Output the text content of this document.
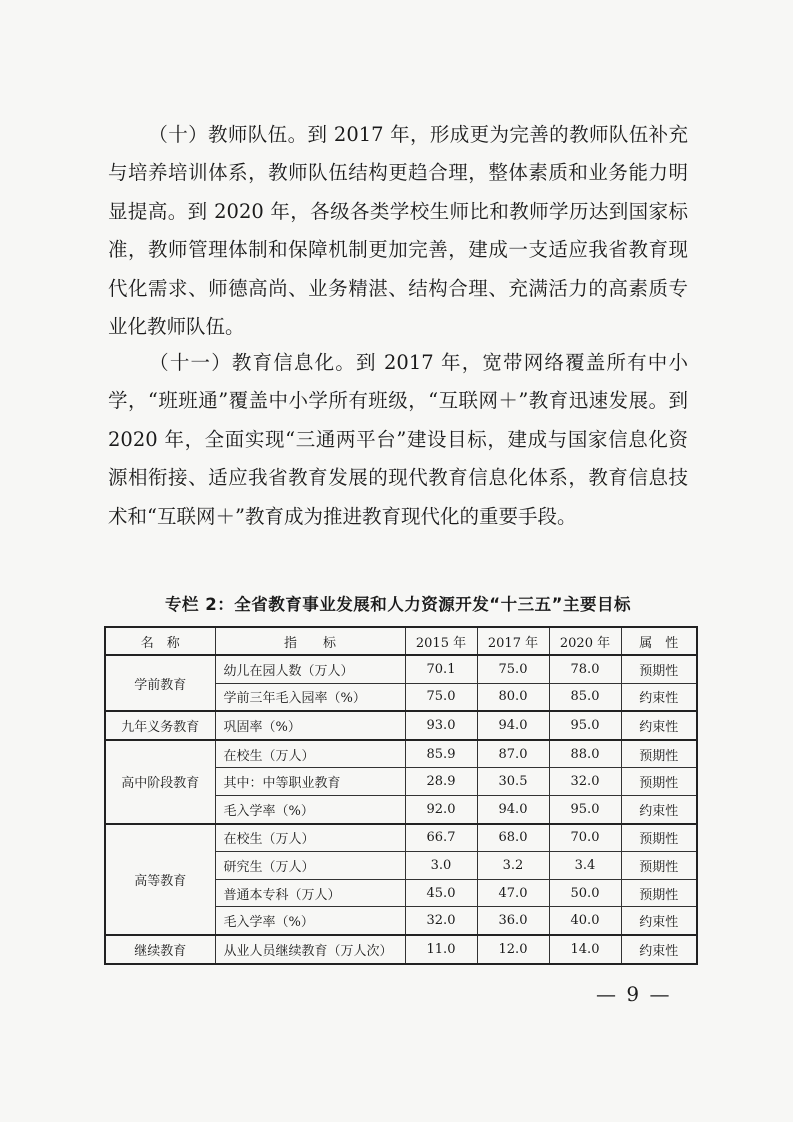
（十）教师队伍。到 2017 年，形成更为完善的教师队伍补充与培养培训体系，教师队伍结构更趋合理，整体素质和业务能力明显提高。到 2020 年，各级各类学校生师比和教师学历达到国家标准，教师管理体制和保障机制更加完善，建成一支适应我省教育现代化需求、师德高尚、业务精湛、结构合理、充满活力的高素质专业化教师队伍。

（十一）教育信息化。到 2017 年，宽带网络覆盖所有中小学，“班班通”覆盖中小学所有班级，“互联网＋”教育迅速发展。到 2020 年，全面实现“三通两平台”建设目标，建成与国家信息化资源相衔接、适应我省教育发展的现代教育信息化体系，教育信息技术和“互联网＋”教育成为推进教育现代化的重要手段。

专栏 2：全省教育事业发展和人力资源开发“十三五”主要目标
名　称	指　　标	2015 年	2017 年	2020 年	属　性
学前教育	幼儿在园人数（万人）	70.1	75.0	78.0	预期性
	学前三年毛入园率（%）	75.0	80.0	85.0	约束性
九年义务教育	巩固率（%）	93.0	94.0	95.0	约束性
高中阶段教育	在校生（万人）	85.9	87.0	88.0	预期性
	其中：中等职业教育	28.9	30.5	32.0	预期性
	毛入学率（%）	92.0	94.0	95.0	约束性
高等教育	在校生（万人）	66.7	68.0	70.0	预期性
	研究生（万人）	3.0	3.2	3.4	预期性
	普通本专科（万人）	45.0	47.0	50.0	预期性
	毛入学率（%）	32.0	36.0	40.0	约束性
继续教育	从业人员继续教育（万人次）	11.0	12.0	14.0	约束性
— 9 —
